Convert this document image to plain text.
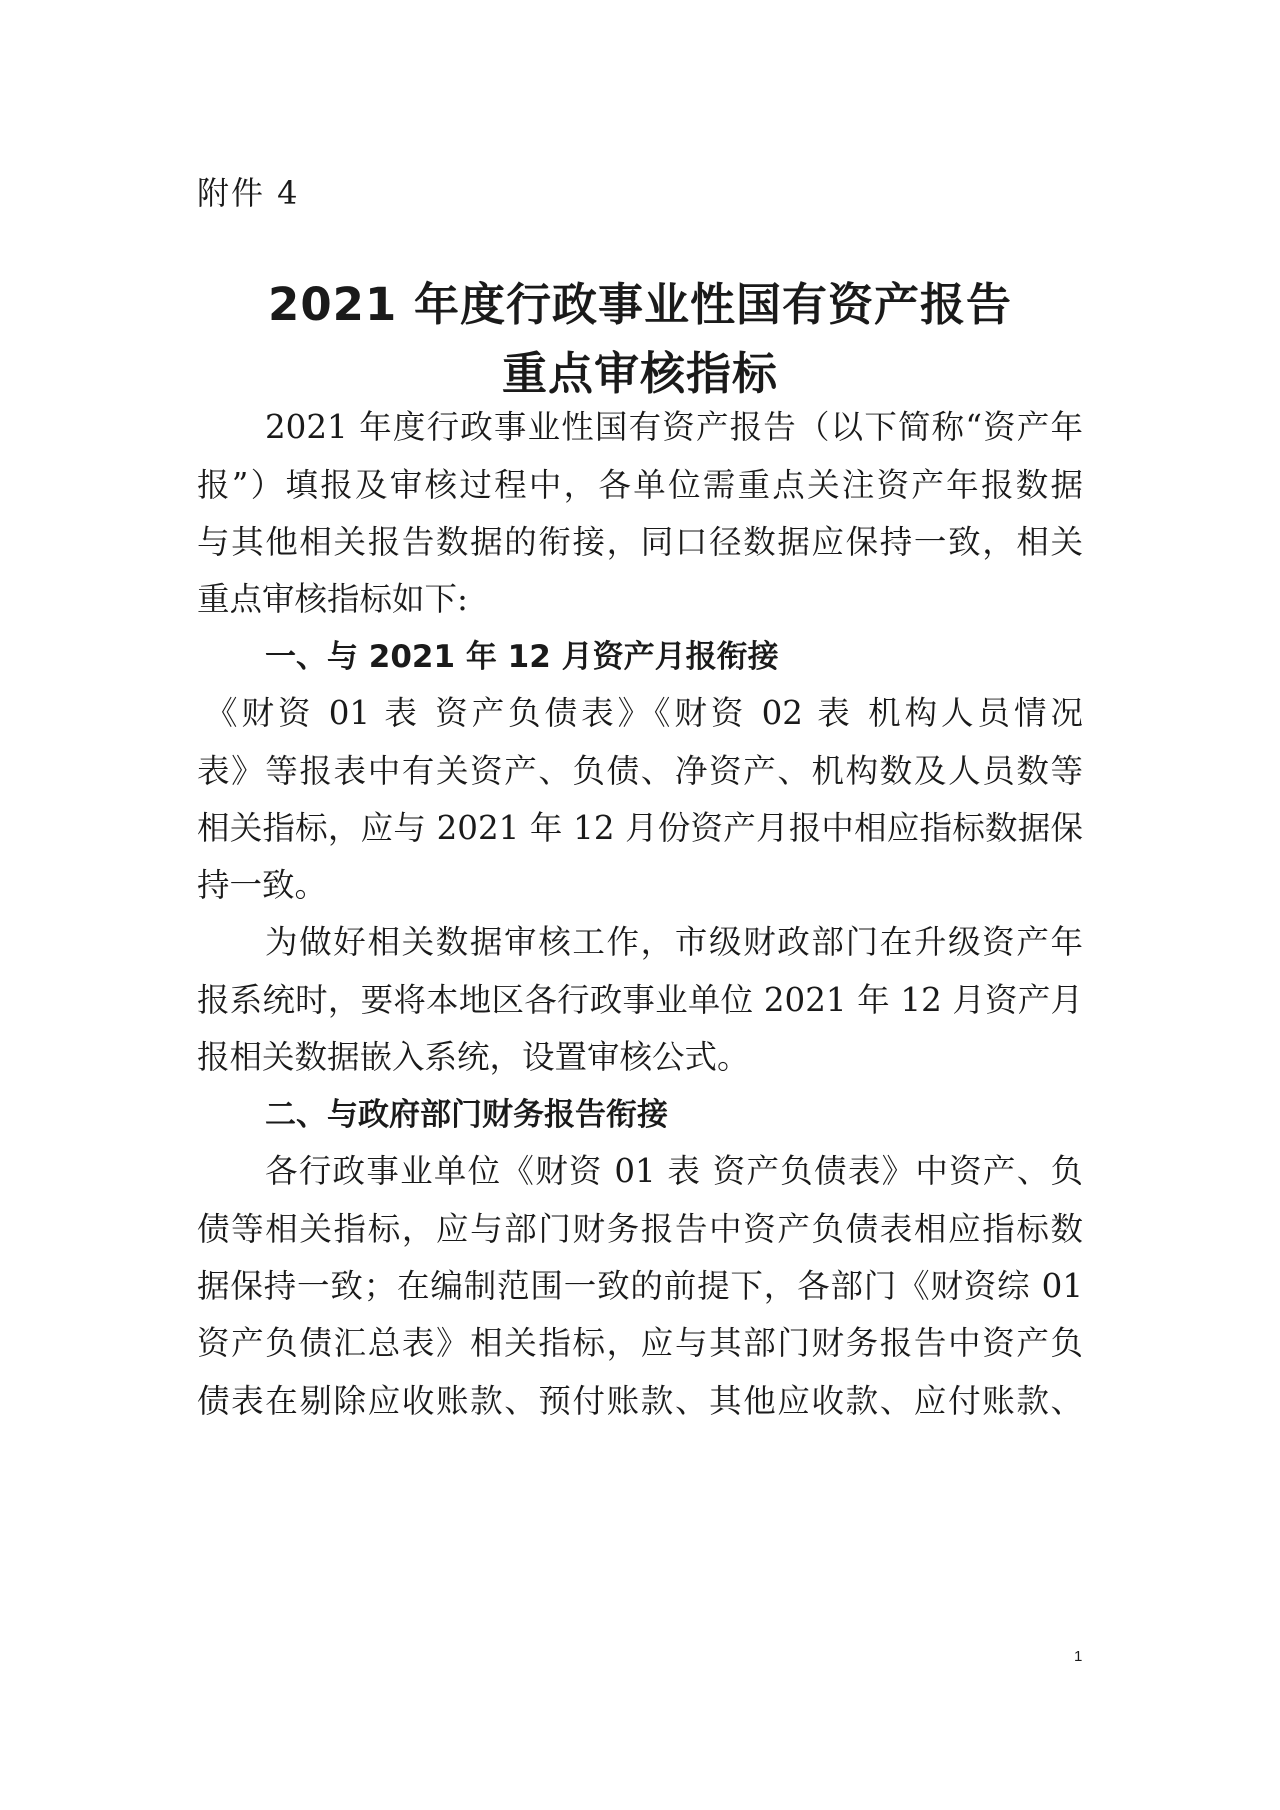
附件 4
2021 年度行政事业性国有资产报告
重点审核指标
2021 年度行政事业性国有资产报告（以下简称“资产年
报”）填报及审核过程中，各单位需重点关注资产年报数据
与其他相关报告数据的衔接，同口径数据应保持一致，相关
重点审核指标如下:
一、与 2021 年 12 月资产月报衔接
《财资 01 表 资产负债表》《财资 02 表 机构人员情况
表》等报表中有关资产、负债、净资产、机构数及人员数等
相关指标，应与 2021 年 12 月份资产月报中相应指标数据保
持一致。
为做好相关数据审核工作，市级财政部门在升级资产年
报系统时，要将本地区各行政事业单位 2021 年 12 月资产月
报相关数据嵌入系统，设置审核公式。
二、与政府部门财务报告衔接
各行政事业单位《财资 01 表 资产负债表》中资产、负
债等相关指标，应与部门财务报告中资产负债表相应指标数
据保持一致；在编制范围一致的前提下，各部门《财资综 01
资产负债汇总表》相关指标，应与其部门财务报告中资产负
债表在剔除应收账款、预付账款、其他应收款、应付账款、
1
